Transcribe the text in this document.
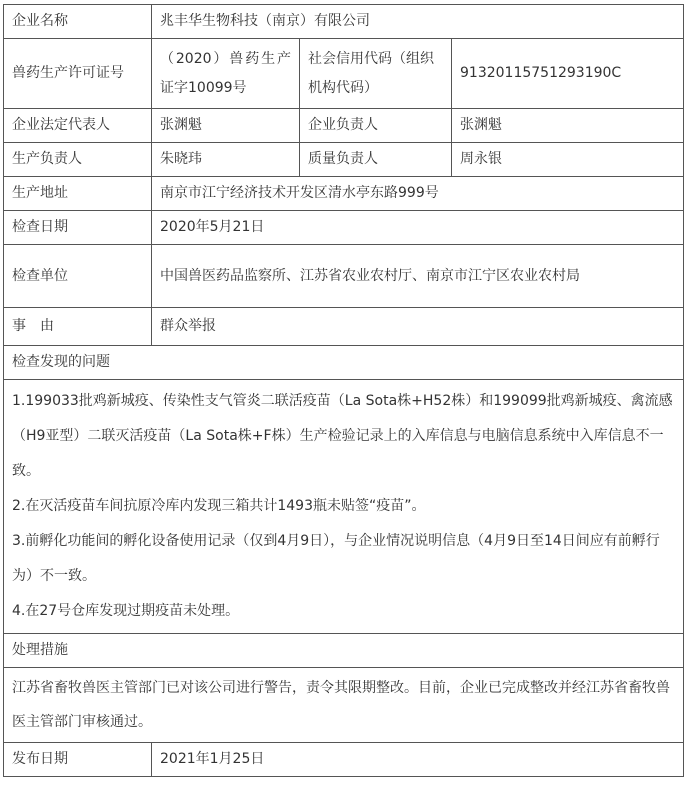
企业名称	兆丰华生物科技（南京）有限公司		
兽药生产许可证号	（2020）兽药生产证字10099号	社会信用代码（组织机构代码）	91320115751293190C
企业法定代表人	张渊魁	企业负责人	张渊魁
生产负责人	朱晓玮	质量负责人	周永银
生产地址	南京市江宁经济技术开发区清水亭东路999号		
检查日期	2020年5月21日		
检查单位	中国兽医药品监察所、江苏省农业农村厅、南京市江宁区农业农村局		
事　由	群众举报		
检查发现的问题			

1.199033批鸡新城疫、传染性支气管炎二联活疫苗（La Sota株+H52株）和199099批鸡新城疫、禽流感（H9亚型）二联灭活疫苗（La Sota株+F株）生产检验记录上的入库信息与电脑信息系统中入库信息不一致。

2.在灭活疫苗车间抗原冷库内发现三箱共计1493瓶未贴签“疫苗”。

3.前孵化功能间的孵化设备使用记录（仅到4月9日），与企业情况说明信息（4月9日至14日间应有前孵行为）不一致。

4.在27号仓库发现过期疫苗未处理。			

处理措施			
江苏省畜牧兽医主管部门已对该公司进行警告，责令其限期整改。目前，企业已完成整改并经江苏省畜牧兽医主管部门审核通过。			
发布日期	2021年1月25日		
